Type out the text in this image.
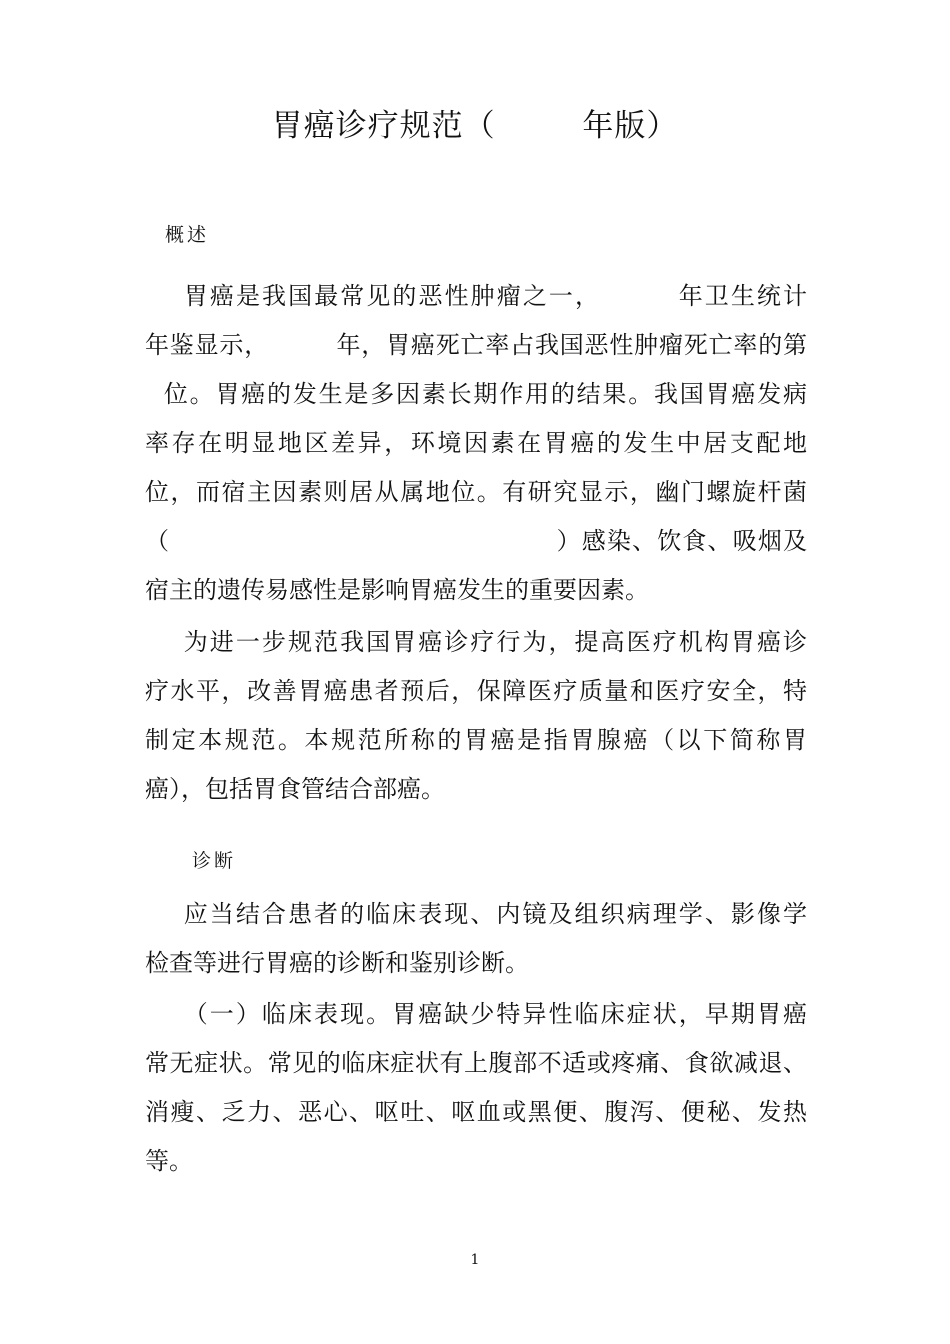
胃癌诊疗规范（        年版）
概述
胃癌是我国最常见的恶性肿瘤之一，        年卫生统计
年鉴显示，        年，胃癌死亡率占我国恶性肿瘤死亡率的第
位。胃癌的发生是多因素长期作用的结果。我国胃癌发病
率存在明显地区差异，环境因素在胃癌的发生中居支配地
位，而宿主因素则居从属地位。有研究显示，幽门螺旋杆菌
（                                            ）感染、饮食、吸烟及
宿主的遗传易感性是影响胃癌发生的重要因素。
为进一步规范我国胃癌诊疗行为，提高医疗机构胃癌诊
疗水平，改善胃癌患者预后，保障医疗质量和医疗安全，特
制定本规范。本规范所称的胃癌是指胃腺癌（以下简称胃
癌），包括胃食管结合部癌。
诊断
应当结合患者的临床表现、内镜及组织病理学、影像学
检查等进行胃癌的诊断和鉴别诊断。
（一）临床表现。胃癌缺少特异性临床症状，早期胃癌
常无症状。常见的临床症状有上腹部不适或疼痛、食欲减退、
消瘦、乏力、恶心、呕吐、呕血或黑便、腹泻、便秘、发热
等。
1
